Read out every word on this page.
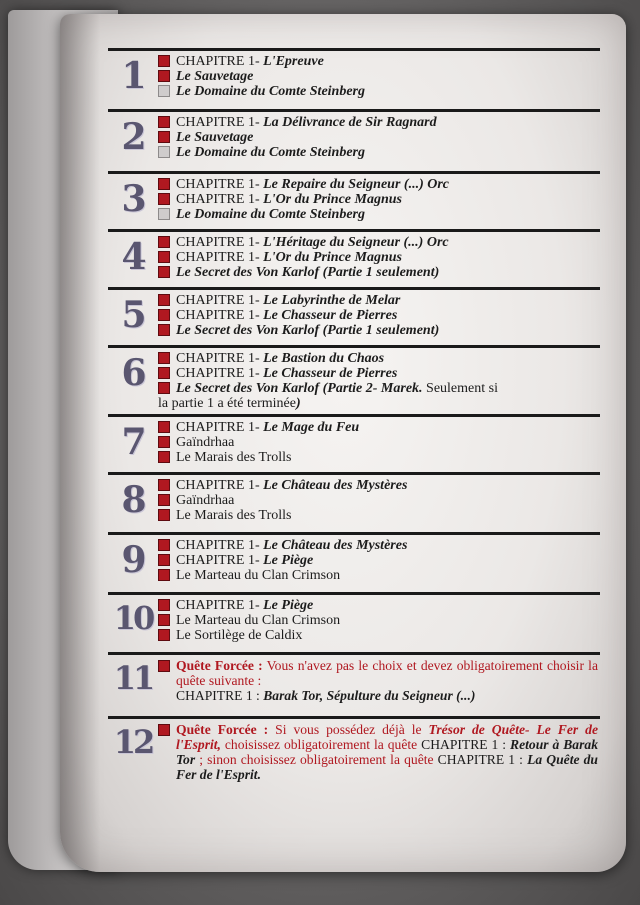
1	CHAPITRE 1- L'Epreuve
Le Sauvetage
Le Domaine du Comte Steinberg
2	CHAPITRE 1- La Délivrance de Sir Ragnard
Le Sauvetage
Le Domaine du Comte Steinberg
3	CHAPITRE 1- Le Repaire du Seigneur (...) Orc
CHAPITRE 1- L'Or du Prince Magnus
Le Domaine du Comte Steinberg
4	CHAPITRE 1- L'Héritage du Seigneur (...) Orc
CHAPITRE 1- L'Or du Prince Magnus
Le Secret des Von Karlof (Partie 1 seulement)
5	CHAPITRE 1- Le Labyrinthe de Melar
CHAPITRE 1- Le Chasseur de Pierres
Le Secret des Von Karlof (Partie 1 seulement)
6	CHAPITRE 1- Le Bastion du Chaos
CHAPITRE 1- Le Chasseur de Pierres
Le Secret des Von Karlof (Partie 2- Marek. Seulement si
la partie 1 a été terminée)
7	CHAPITRE 1- Le Mage du Feu
Gaïndrhaa
Le Marais des Trolls
8	CHAPITRE 1- Le Château des Mystères
Gaïndrhaa
Le Marais des Trolls
9	CHAPITRE 1- Le Château des Mystères
CHAPITRE 1- Le Piège
Le Marteau du Clan Crimson
10	CHAPITRE 1- Le Piège
Le Marteau du Clan Crimson
Le Sortilège de Caldix
11	Quête Forcée : Vous n'avez pas le choix et devez obligatoirement choisir la quête suivante :
CHAPITRE 1 : Barak Tor, Sépulture du Seigneur (...)
12	Quête Forcée : Si vous possédez déjà le Trésor de Quête- Le Fer de l'Esprit, choisissez obligatoirement la quête CHAPITRE 1 : Retour à Barak Tor ; sinon choisissez obligatoirement la quête CHAPITRE 1 : La Quête du Fer de l'Esprit.
